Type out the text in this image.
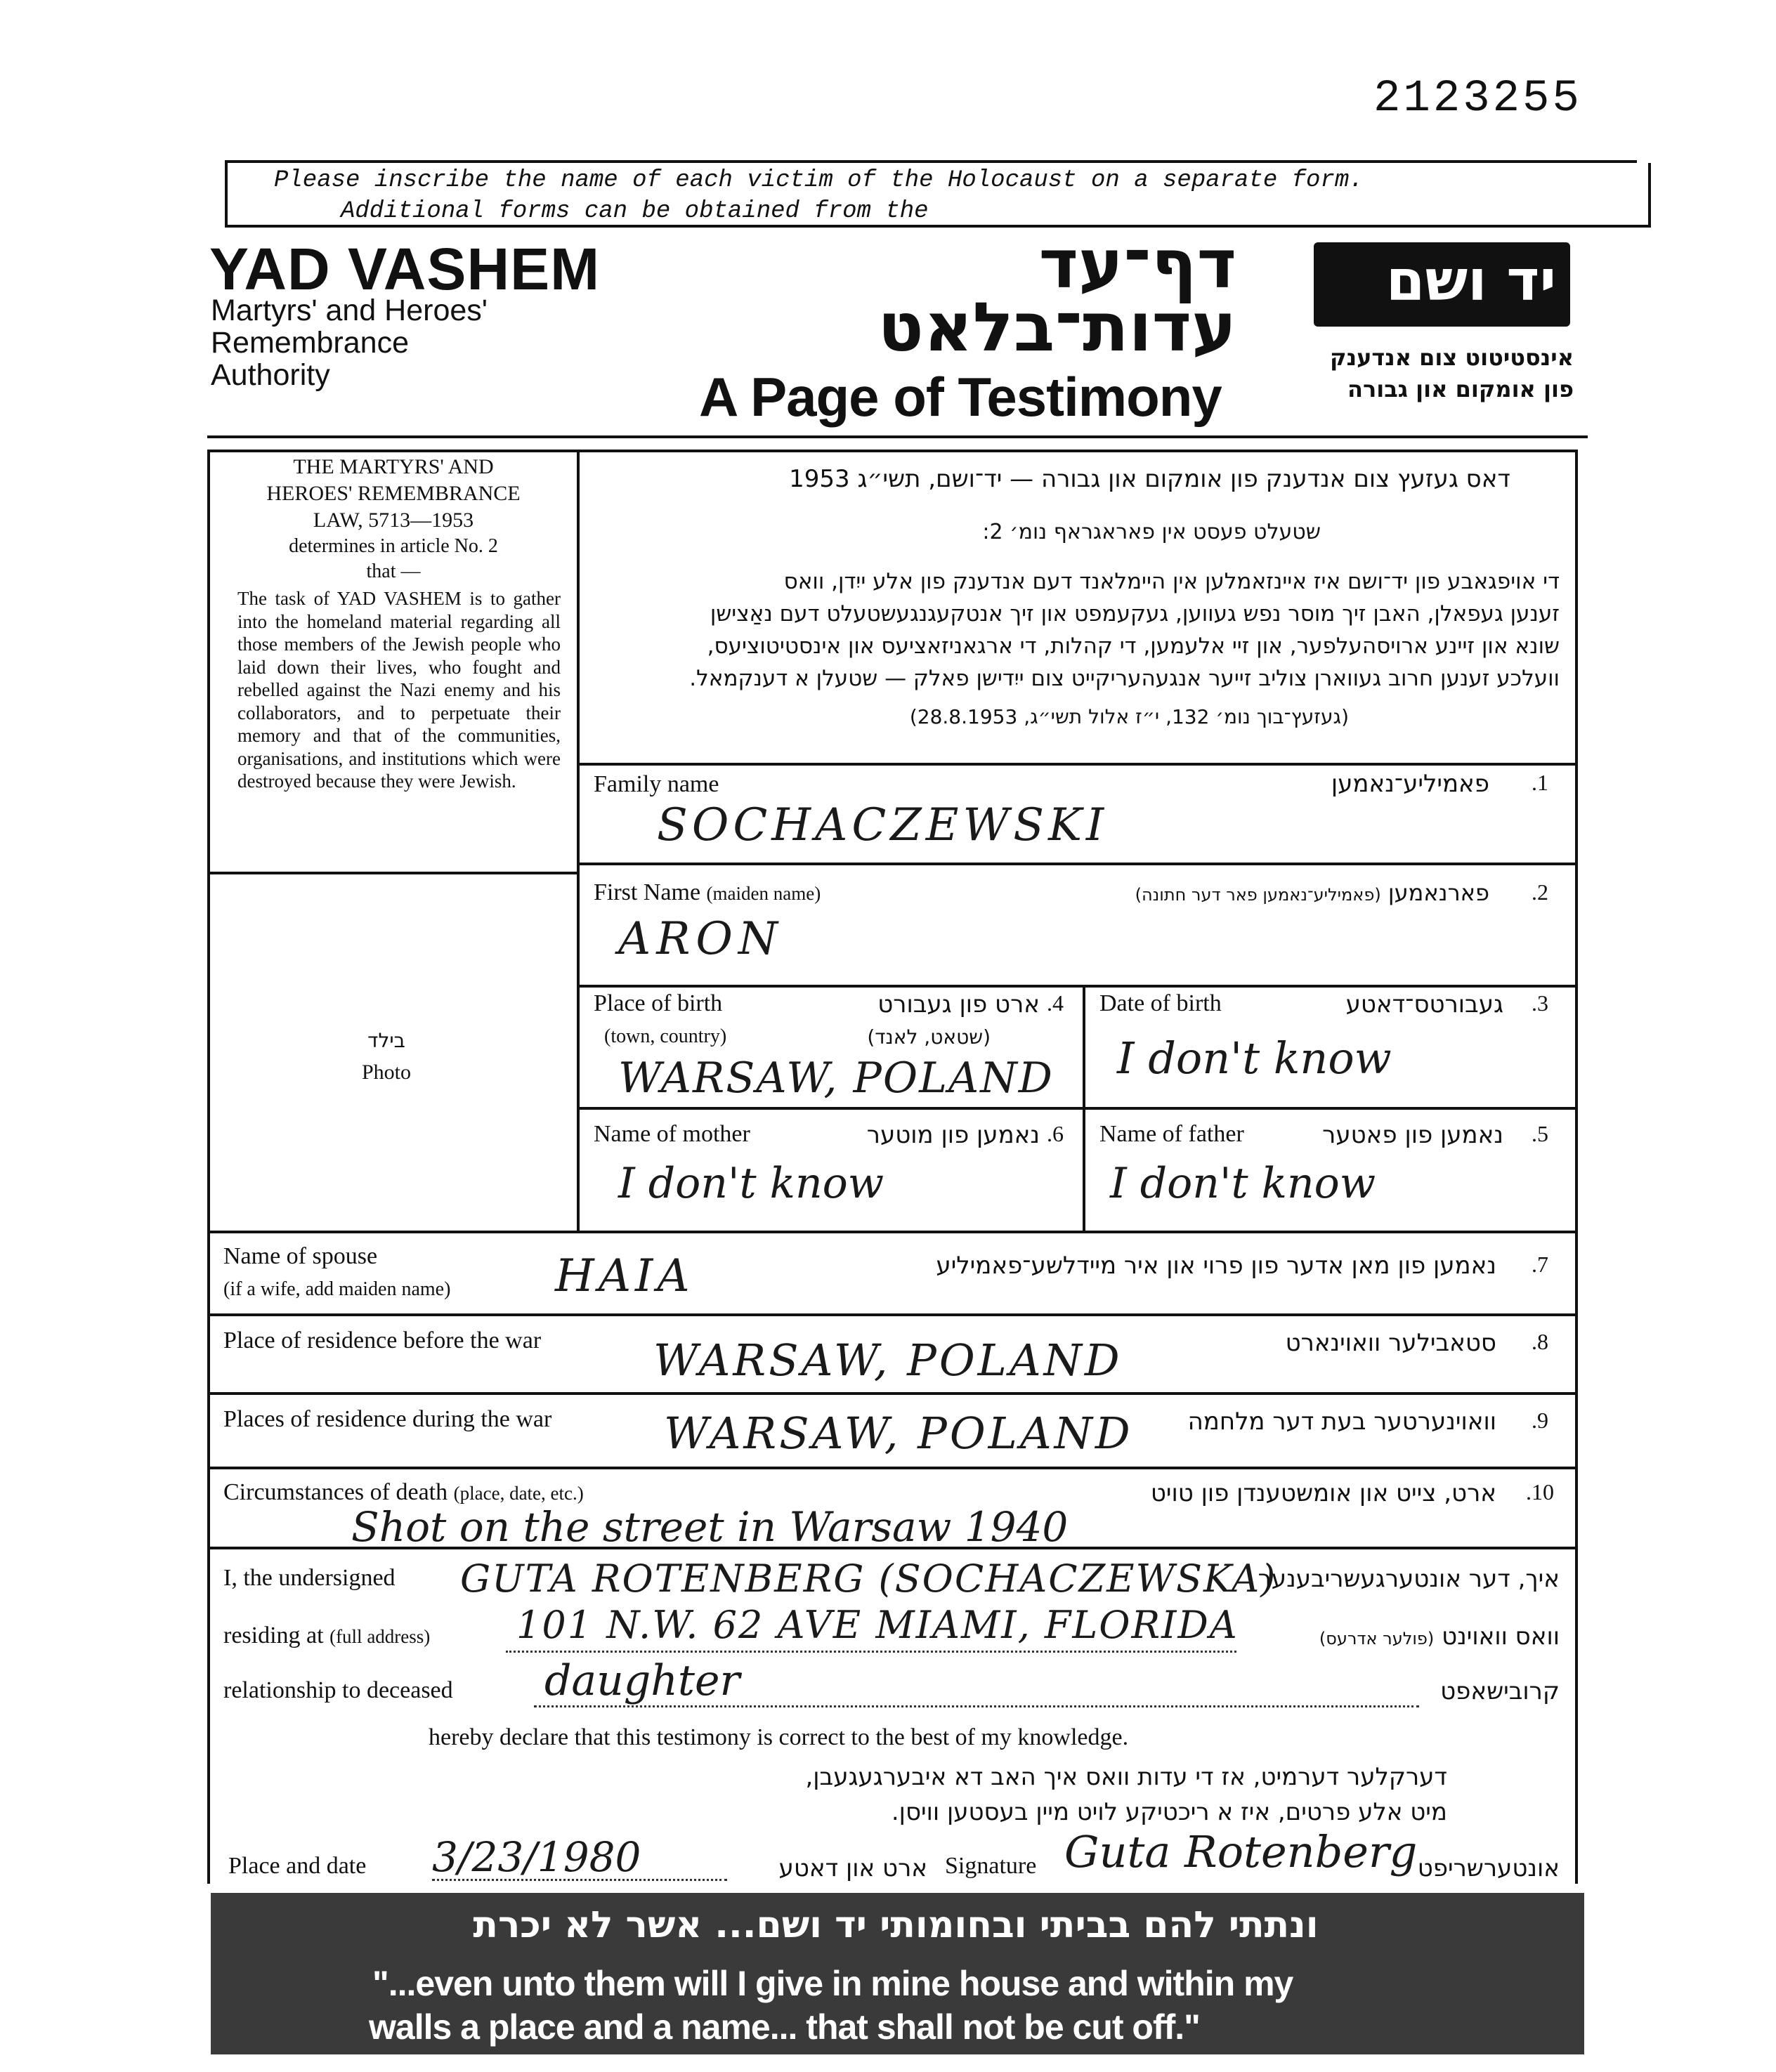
2123255
Please inscribe the name of each victim of the Holocaust on a separate form.
Additional forms can be obtained from the
YAD VASHEM
Martyrs' and Heroes'
Remembrance
Authority
דף־עד
עדות־בלאט
A Page of Testimony
יד ושם
אינסטיטוט צום אנדענק
פון אומקום און גבורה
THE MARTYRS' AND
HEROES' REMEMBRANCE
LAW, 5713—1953
determines in article No. 2
that —
The task of YAD VASHEM is to gather into the homeland material regarding all those members of the Jewish people who laid down their lives, who fought and rebelled against the Nazi enemy and his collaborators, and to perpetuate their memory and that of the communities, organisations, and institutions which were destroyed because they were Jewish.
בילד
Photo
דאס געזעץ צום אנדענק פון אומקום און גבורה — יד־ושם, תשי״ג 1953
שטעלט פעסט אין פאראגראף נומ׳ 2:
די אויפגאבע פון יד־ושם איז איינזאמלען אין היימלאנד דעם אנדענק פון אלע ייִדן, וואס
זענען געפאלן, האבן זיך מוסר נפש געווען, געקעמפט און זיך אנטקעגנגעשטעלט דעם נאַצישן
שונא און זיינע ארויסהעלפער, און זיי אלעמען, די קהלות, די ארגאניזאציעס און אינסטיטוציעס,
וועלכע זענען חרוב געווארן צוליב זייער אנגעהעריקייט צום ייִדישן פאלק — שטעלן א דענקמאל.
(געזעץ־בוך נומ׳ 132, י״ז אלול תשי״ג, 28.8.1953)
Family name	פאמיליע־נאמען .1
SOCHACZEWSKI
First Name (maiden name)	פארנאמען (פאמיליע־נאמען פאר דער חתונה)	.2
ARON
Place of birth	ארט פון געבורט .4
(town, country)	(שטאט, לאנד)
WARSAW, POLAND
Date of birth	געבורטס־דאטע .3
I don't know
Name of mother	נאמען פון מוטער .6
I don't know
Name of father	נאמען פון פאטער .5
I don't know
Name of spouse
(if a wife, add maiden name) HAIA	נאמען פון מאן אדער פון פרוי און איר מיידלשע־פאמיליע .7
Place of residence before the war	WARSAW, POLAND	סטאבילער וואוינארט .8
Places of residence during the war	WARSAW, POLAND	וואוינערטער בעת דער מלחמה .9
Circumstances of death (place, date, etc.)	ארט, צייט און אומשטענדן פון טויט .10
Shot on the street in Warsaw 1940
I, the undersigned GUTA ROTENBERG (SOCHACZEWSKA)
איך, דער אונטערגעשריבענער
residing at (full address) 101 N.W. 62 AVE MIAMI, FLORIDA	וואס וואוינט (פולער אדרעס)
relationship to deceased daughter	קרובישאפט
hereby declare that this testimony is correct to the best of my knowledge.
דערקלער דערמיט, אז די עדות וואס איך האב דא איבערגעגעבן,
מיט אלע פרטים, איז א ריכטיקע לויט מיין בעסטען וויסן.
Place and date 3/23/1980	ארט און דאטע Signature Guta Rotenberg אונטערשריפט
ונתתי להם בביתי ובחומותי יד ושם... אשר לא יכרת
"...even unto them will I give in mine house and within my
walls a place and a name... that shall not be cut off."
